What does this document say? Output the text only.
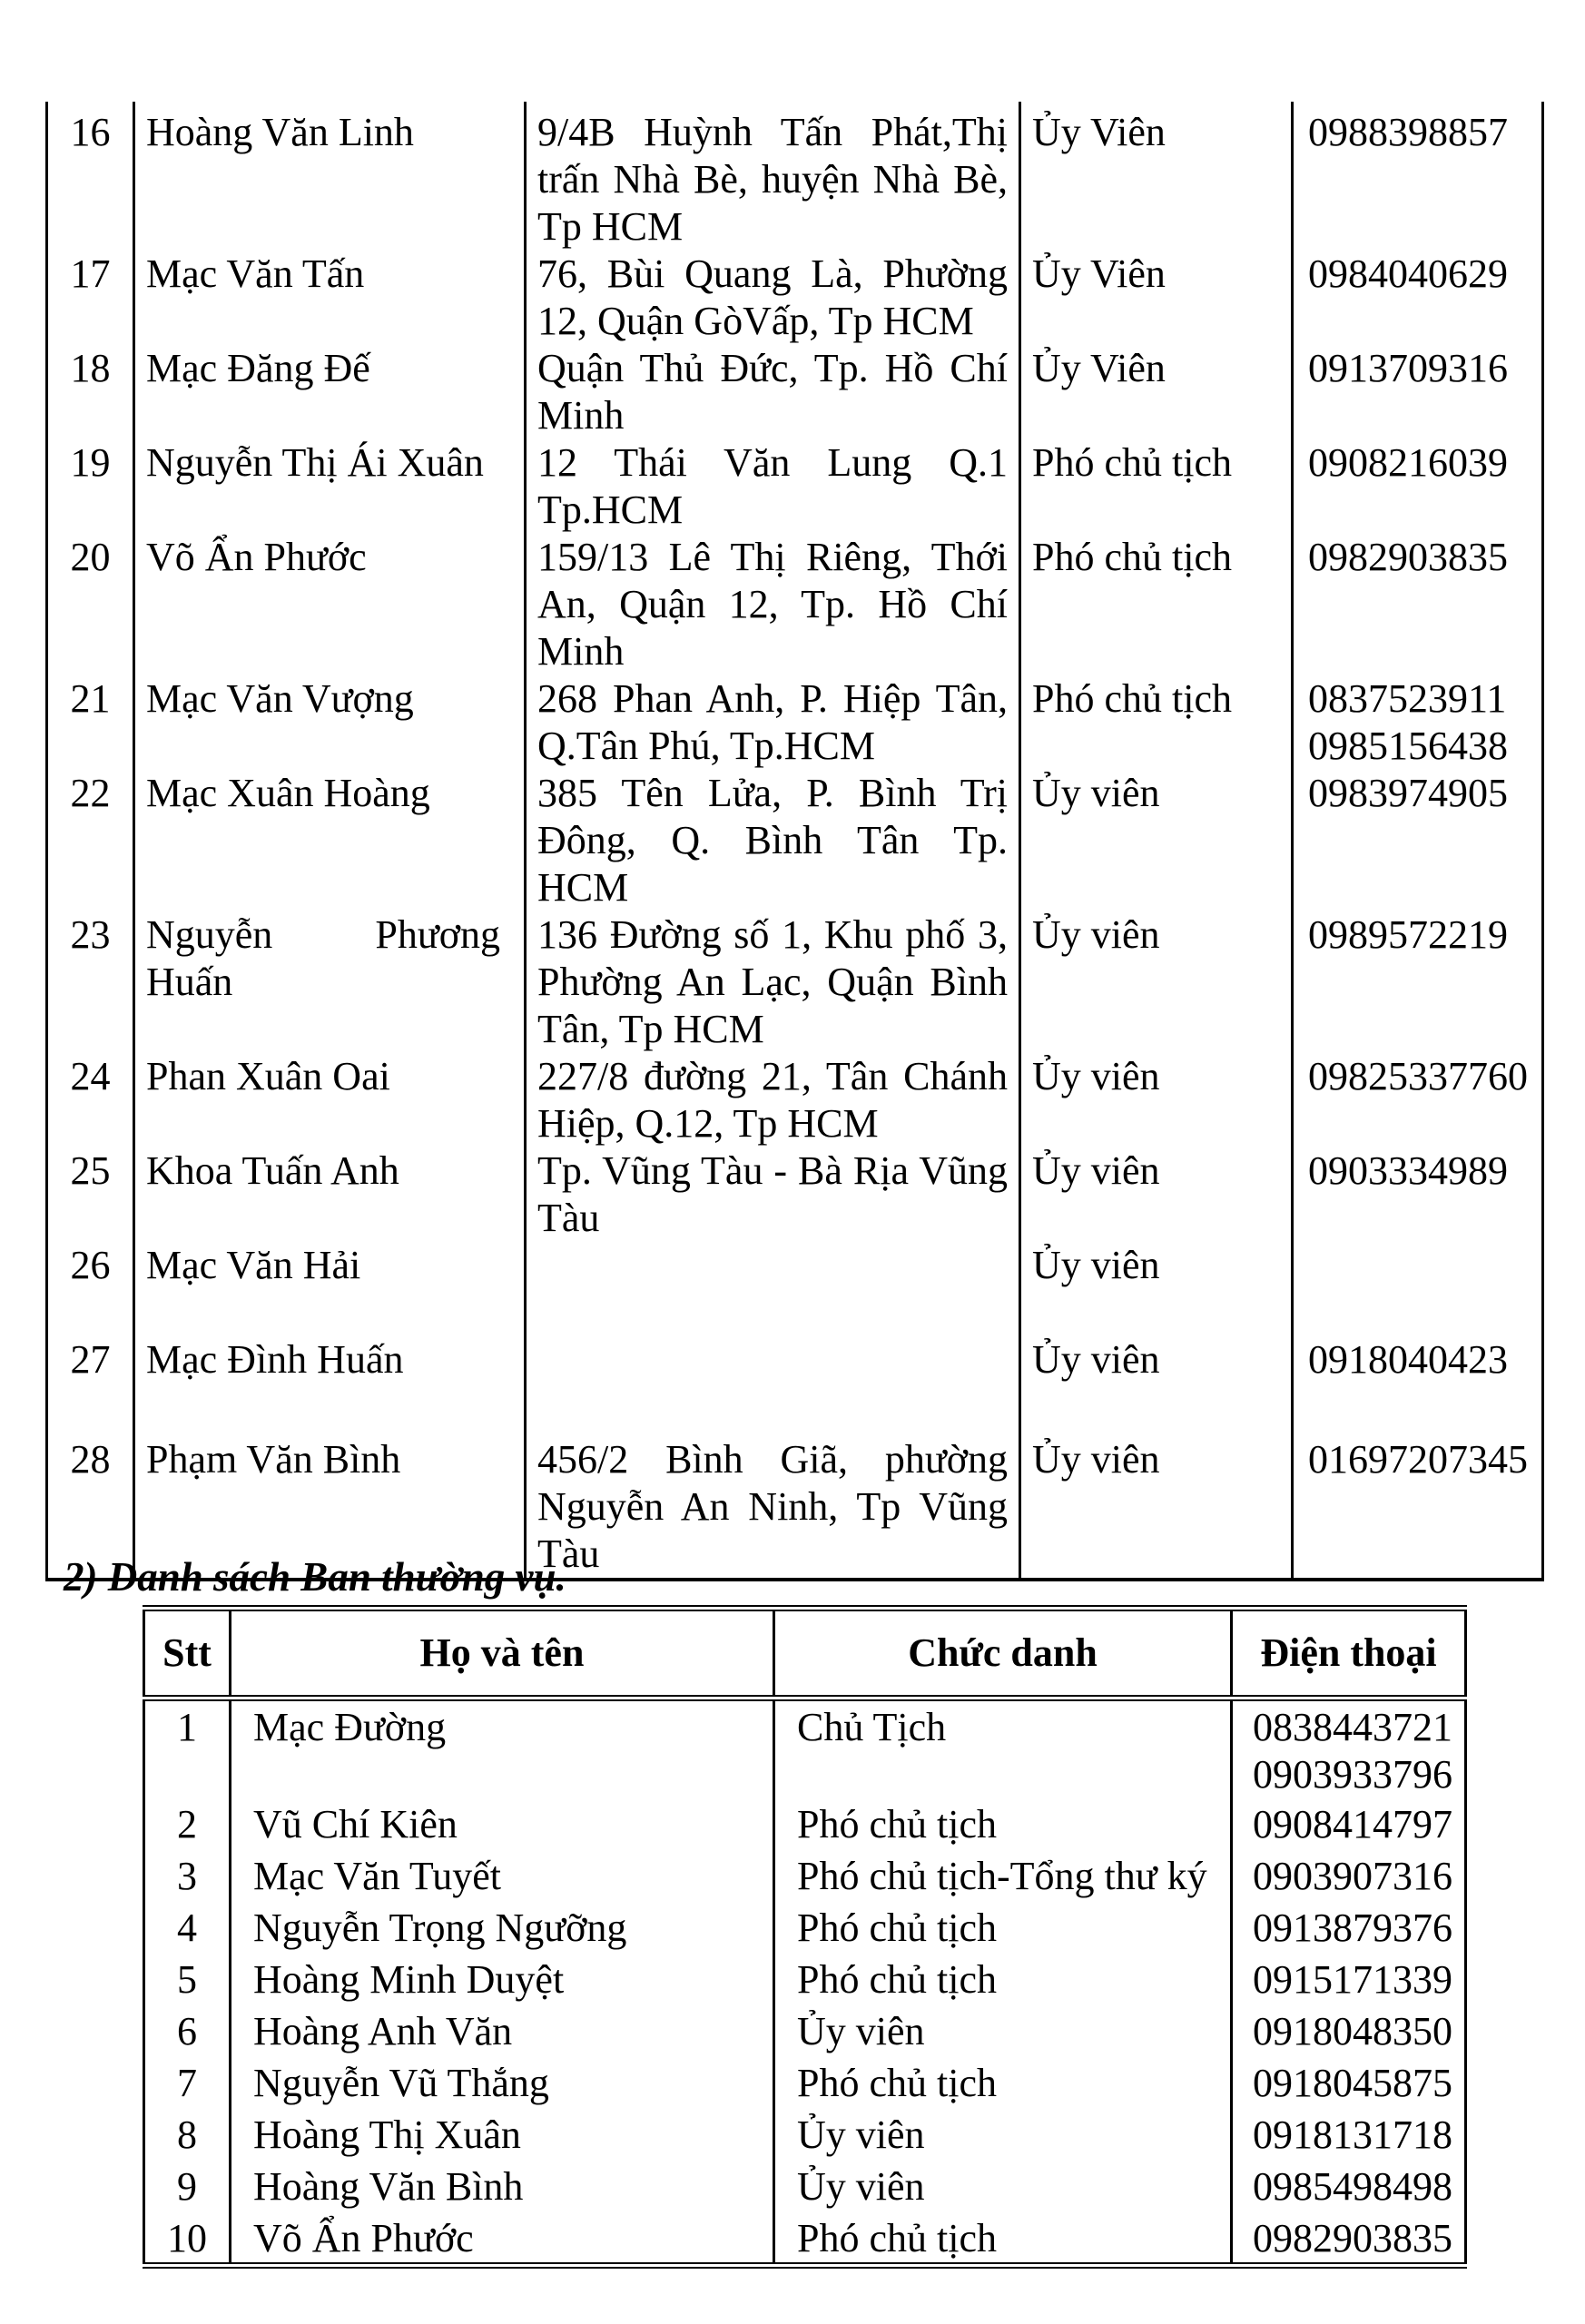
16	Hoàng Văn Linh	9/4B Huỳnh Tấn Phát,Thị trấn Nhà Bè, huyện Nhà Bè, Tp HCM	Ủy Viên	0988398857

17	Mạc Văn Tấn	76, Bùi Quang Là, Phường 12, Quận GòVấp, Tp HCM	Ủy Viên	0984040629

18	Mạc Đăng Đế	Quận Thủ Đức, Tp. Hồ Chí Minh	Ủy Viên	0913709316

19	Nguyễn Thị Ái Xuân	12 Thái Văn Lung Q.1 Tp.HCM	Phó chủ tịch	0908216039

20	Võ Ẩn Phước	159/13 Lê Thị Riêng, Thới An, Quận 12, Tp. Hồ Chí Minh	Phó chủ tịch	0982903835

21	Mạc Văn Vượng	268 Phan Anh, P. Hiệp Tân, Q.Tân Phú, Tp.HCM	Phó chủ tịch	0837523911
0985156438

22	Mạc Xuân Hoàng	385 Tên Lửa, P. Bình Trị Đông, Q. Bình Tân Tp. HCM	Ủy viên	0983974905

23	Nguyễn Phương Huấn	136 Đường số 1, Khu phố 3, Phường An Lạc, Quận Bình Tân, Tp HCM	Ủy viên	0989572219

24	Phan Xuân Oai	227/8 đường 21, Tân Chánh Hiệp, Q.12, Tp HCM	Ủy viên	09825337760

25	Khoa Tuấn Anh	Tp. Vũng Tàu - Bà Rịa Vũng Tàu	Ủy viên	0903334989

26	Mạc Văn Hải		Ủy viên	

27	Mạc Đình Huấn		Ủy viên	0918040423

28	Phạm Văn Bình	456/2 Bình Giã, phường Nguyễn An Ninh, Tp Vũng Tàu	Ủy viên	01697207345
2) Danh sách Ban thường vụ.
Stt	Họ và tên	Chức danh	Điện thoại
1	Mạc Đường	Chủ Tịch	0838443721
0903933796

2	Vũ Chí Kiên	Phó chủ tịch	0908414797

3	Mạc Văn Tuyết	Phó chủ tịch-Tổng thư ký	0903907316

4	Nguyễn Trọng Ngưỡng	Phó chủ tịch	0913879376

5	Hoàng Minh Duyệt	Phó chủ tịch	0915171339

6	Hoàng Anh Văn	Ủy viên	0918048350

7	Nguyễn Vũ Thắng	Phó chủ tịch	0918045875

8	Hoàng Thị Xuân	Ủy viên	0918131718

9	Hoàng Văn Bình	Ủy viên	0985498498

10	Võ Ẩn Phước	Phó chủ tịch	0982903835
